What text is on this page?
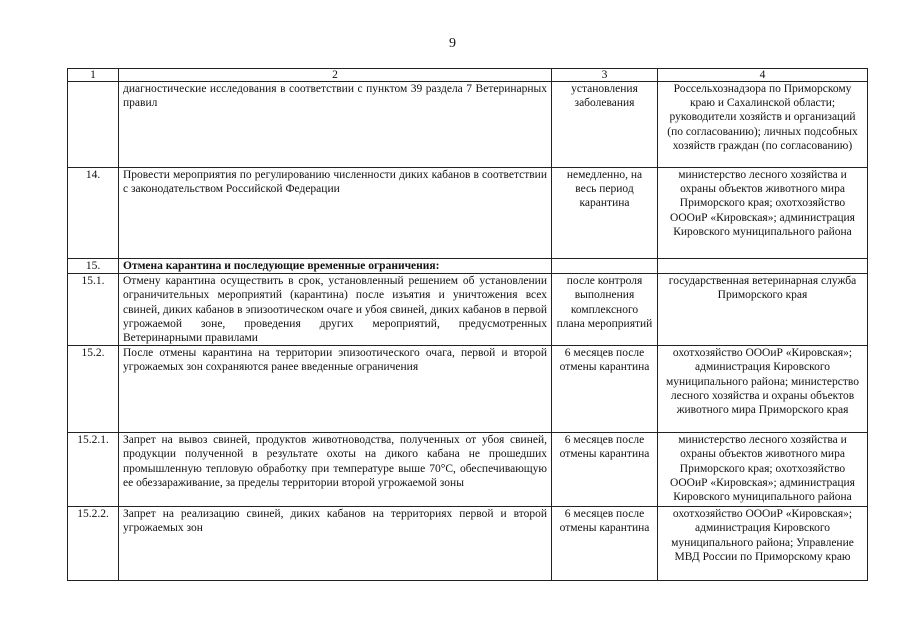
9
1	2	3	4
	диагностические исследования в соответствии с пунктом 39 раздела 7 Ветеринарных правил	установления заболевания	Россельхознадзора по Приморскому краю и Сахалинской области; руководители хозяйств и организаций (по согласованию); личных подсобных хозяйств граждан (по согласованию)
14.	Провести мероприятия по регулированию численности диких кабанов в соответствии с законодательством Российской Федерации	немедленно, на весь период карантина	министерство лесного хозяйства и охраны объектов животного мира Приморского края; охотхозяйство ОООиР «Кировская»; администрация Кировского муниципального района
15.	Отмена карантина и последующие временные ограничения:		
15.1.	Отмену карантина осуществить в срок, установленный решением об установлении ограничительных мероприятий (карантина) после изъятия и уничтожения всех свиней, диких кабанов в эпизоотическом очаге и убоя свиней, диких кабанов в первой угрожаемой зоне, проведения других мероприятий, предусмотренных Ветеринарными правилами	после контроля выполнения комплексного плана мероприятий	государственная ветеринарная служба Приморского края
15.2.	После отмены карантина на территории эпизоотического очага, первой и второй угрожаемых зон сохраняются ранее введенные ограничения	6 месяцев после отмены карантина	охотхозяйство ОООиР «Кировская»; администрация Кировского муниципального района; министерство лесного хозяйства и охраны объектов животного мира Приморского края
15.2.1.	Запрет на вывоз свиней, продуктов животноводства, полученных от убоя свиней, продукции полученной в результате охоты на дикого кабана не прошедших промышленную тепловую обработку при температуре выше 70°C, обеспечивающую ее обеззараживание, за пределы территории второй угрожаемой зоны	6 месяцев после отмены карантина	министерство лесного хозяйства и охраны объектов животного мира Приморского края; охотхозяйство ОООиР «Кировская»; администрация Кировского муниципального района
15.2.2.	Запрет на реализацию свиней, диких кабанов на территориях первой и второй угрожаемых зон	6 месяцев после отмены карантина	охотхозяйство ОООиР «Кировская»; администрация Кировского муниципального района; Управление МВД России по Приморскому краю
